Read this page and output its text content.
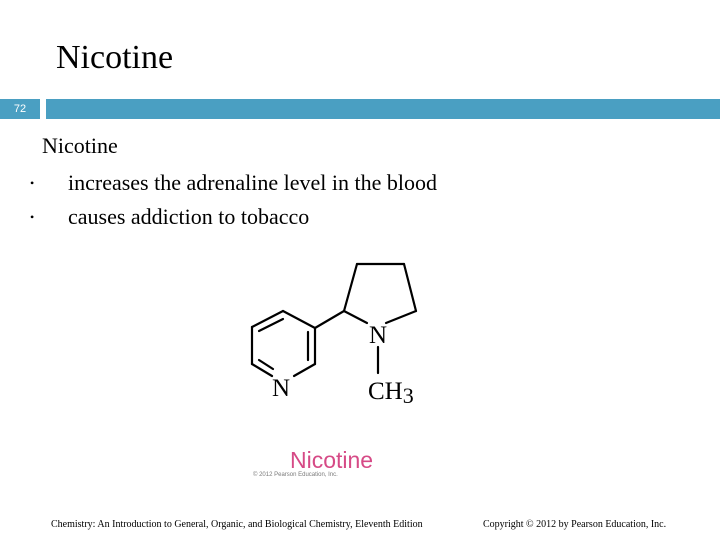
Nicotine
72
Nicotine
• increases the adrenaline level in the blood
• causes addiction to tobacco
N
N
CH3
Nicotine
© 2012 Pearson Education, Inc.
Chemistry: An Introduction to General, Organic, and Biological Chemistry, Eleventh Edition	Copyright © 2012 by Pearson Education, Inc.
